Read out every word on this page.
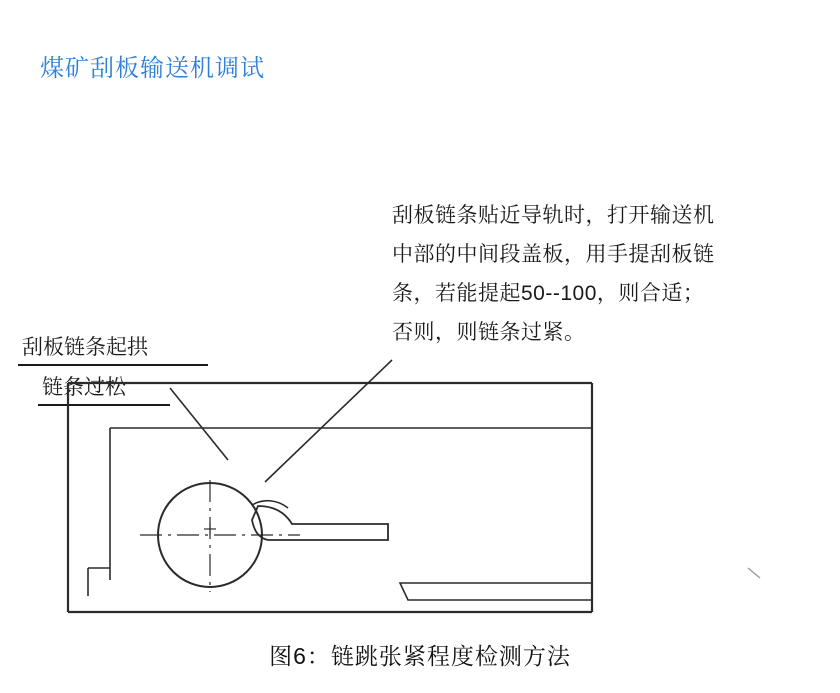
煤矿刮板输送机调试
刮板链条贴近导轨时，打开输送机
中部的中间段盖板，用手提刮板链
条，若能提起50--100，则合适；
否则，则链条过紧。
刮板链条起拱
链条过松
图6：链跳张紧程度检测方法
